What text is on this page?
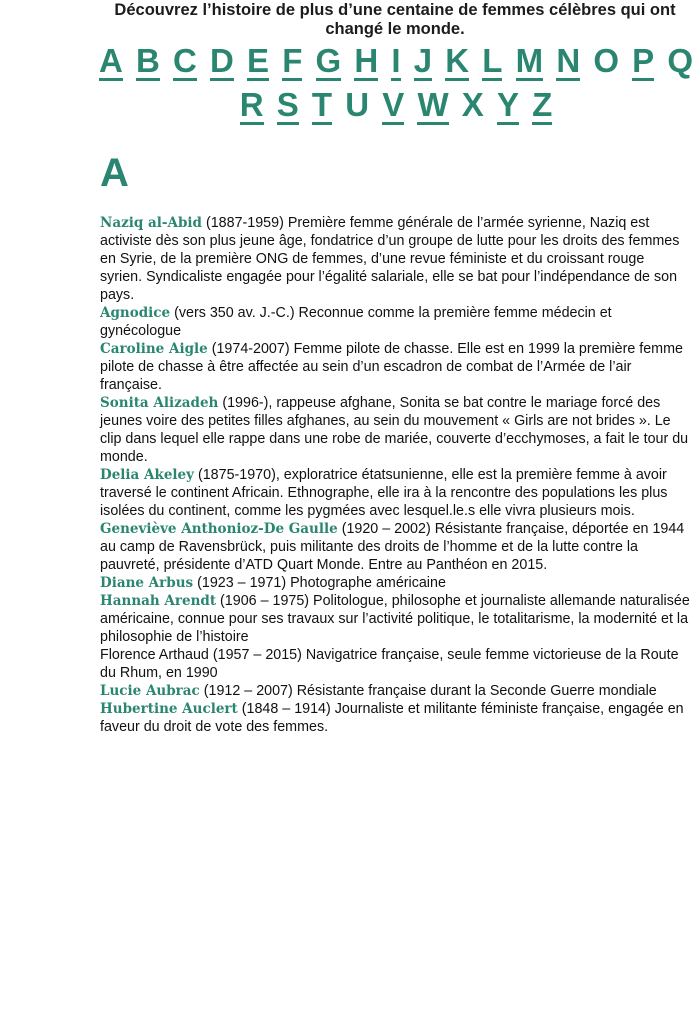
Découvrez l’histoire de plus d’une centaine de femmes célèbres qui ont changé le monde.
A B C D E F G H I J K L M N O P Q
R S T U V W X Y Z
A

Naziq al-Abid (1887-1959) Première femme générale de l’armée syrienne, Naziq est activiste dès son plus jeune âge, fondatrice d’un groupe de lutte pour les droits des femmes en Syrie, de la première ONG de femmes, d’une revue féministe et du croissant rouge syrien. Syndicaliste engagée pour l’égalité salariale, elle se bat pour l’indépendance de son pays.

Agnodice (vers 350 av. J.-C.) Reconnue comme la première femme médecin et gynécologue

Caroline Aigle (1974-2007) Femme pilote de chasse. Elle est en 1999 la première femme pilote de chasse à être affectée au sein d’un escadron de combat de l’Armée de l’air française.

Sonita Alizadeh (1996-), rappeuse afghane, Sonita se bat contre le mariage forcé des jeunes voire des petites filles afghanes, au sein du mouvement « Girls are not brides ». Le clip dans lequel elle rappe dans une robe de mariée, couverte d’ecchymoses, a fait le tour du monde.

Delia Akeley (1875-1970), exploratrice étatsunienne, elle est la première femme à avoir traversé le continent Africain. Ethnographe, elle ira à la rencontre des populations les plus isolées du continent, comme les pygmées avec lesquel.le.s elle vivra plusieurs mois.

Geneviève Anthonioz-De Gaulle (1920 – 2002) Résistante française, déportée en 1944 au camp de Ravensbrück, puis militante des droits de l’homme et de la lutte contre la pauvreté, présidente d’ATD Quart Monde. Entre au Panthéon en 2015.

Diane Arbus (1923 – 1971) Photographe américaine

Hannah Arendt (1906 – 1975) Politologue, philosophe et journaliste allemande naturalisée américaine, connue pour ses travaux sur l’activité politique, le totalitarisme, la modernité et la philosophie de l’histoire

Florence Arthaud (1957 – 2015) Navigatrice française, seule femme victorieuse de la Route du Rhum, en 1990

Lucie Aubrac (1912 – 2007) Résistante française durant la Seconde Guerre mondiale

Hubertine Auclert (1848 – 1914) Journaliste et militante féministe française, engagée en faveur du droit de vote des femmes.
